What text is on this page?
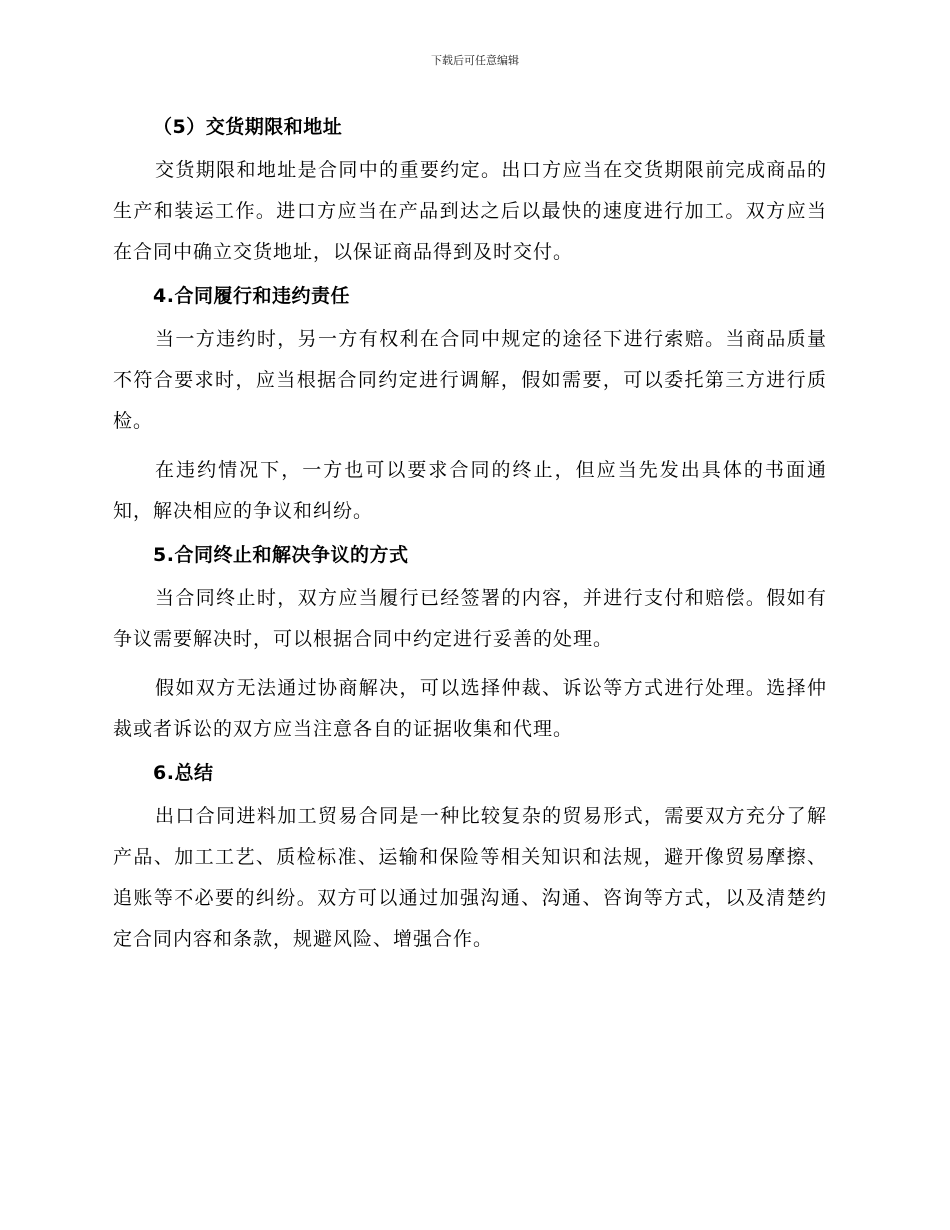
下载后可任意编辑
（5）交货期限和地址

交货期限和地址是合同中的重要约定。出口方应当在交货期限前完成商品的生产和装运工作。进口方应当在产品到达之后以最快的速度进行加工。双方应当在合同中确立交货地址，以保证商品得到及时交付。

4.合同履行和违约责任

当一方违约时，另一方有权利在合同中规定的途径下进行索赔。当商品质量不符合要求时，应当根据合同约定进行调解，假如需要，可以委托第三方进行质检。

在违约情况下，一方也可以要求合同的终止，但应当先发出具体的书面通知，解决相应的争议和纠纷。

5.合同终止和解决争议的方式

当合同终止时，双方应当履行已经签署的内容，并进行支付和赔偿。假如有争议需要解决时，可以根据合同中约定进行妥善的处理。

假如双方无法通过协商解决，可以选择仲裁、诉讼等方式进行处理。选择仲裁或者诉讼的双方应当注意各自的证据收集和代理。

6.总结

出口合同进料加工贸易合同是一种比较复杂的贸易形式，需要双方充分了解产品、加工工艺、质检标准、运输和保险等相关知识和法规，避开像贸易摩擦、追账等不必要的纠纷。双方可以通过加强沟通、沟通、咨询等方式，以及清楚约定合同内容和条款，规避风险、增强合作。
